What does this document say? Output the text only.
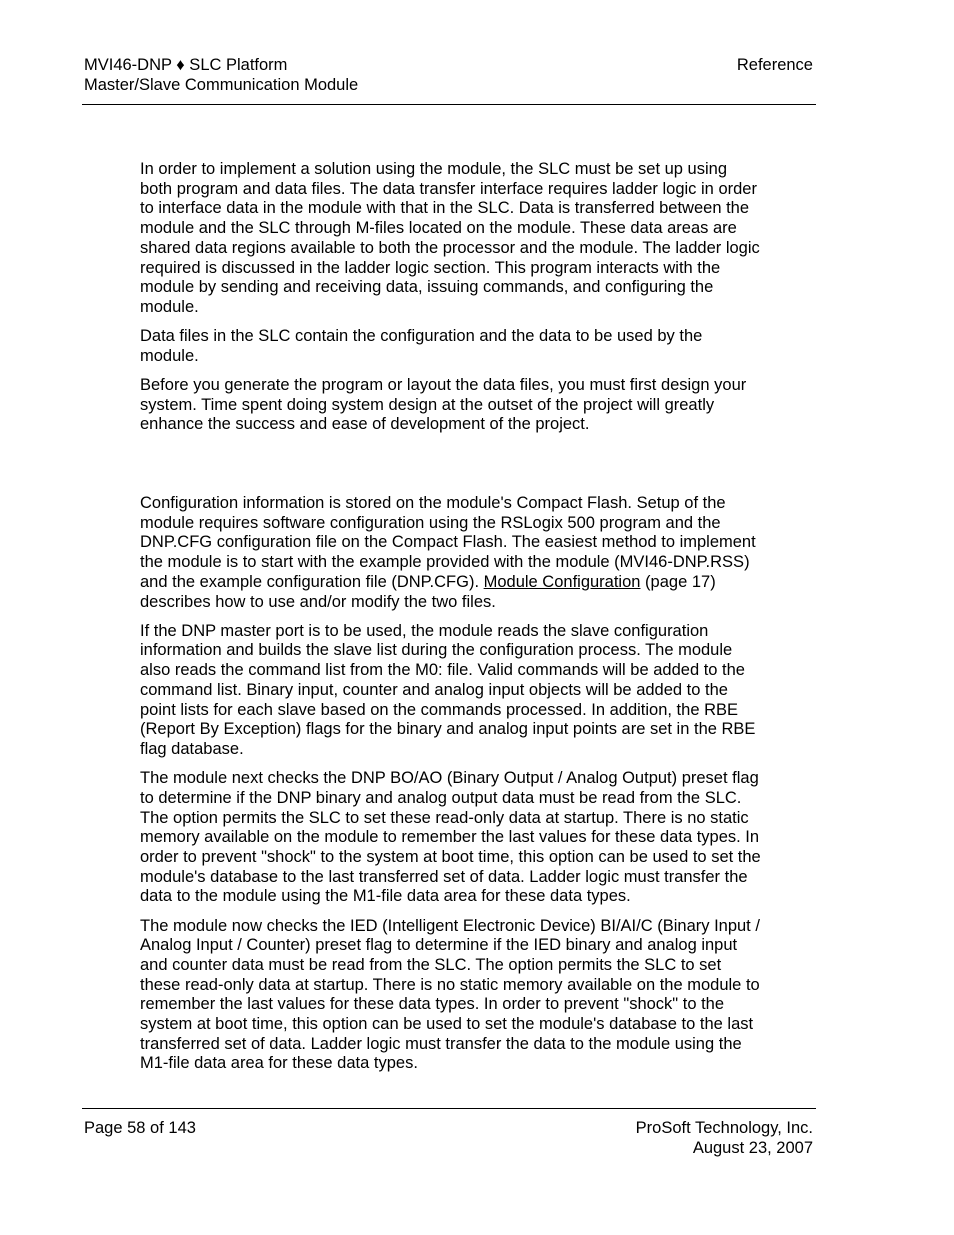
MVI46-DNP ♦ SLC Platform
Master/Slave Communication Module
Reference

In order to implement a solution using the module, the SLC must be set up using both program and data files. The data transfer interface requires ladder logic in order to interface data in the module with that in the SLC. Data is transferred between the module and the SLC through M-files located on the module. These data areas are shared data regions available to both the processor and the module. The ladder logic required is discussed in the ladder logic section. This program interacts with the module by sending and receiving data, issuing commands, and configuring the module.

Data files in the SLC contain the configuration and the data to be used by the module.

Before you generate the program or layout the data files, you must first design your system. Time spent doing system design at the outset of the project will greatly enhance the success and ease of development of the project.

Configuration information is stored on the module's Compact Flash. Setup of the module requires software configuration using the RSLogix 500 program and the DNP.CFG configuration file on the Compact Flash. The easiest method to implement the module is to start with the example provided with the module (MVI46-DNP.RSS) and the example configuration file (DNP.CFG). Module Configuration (page 17) describes how to use and/or modify the two files.

If the DNP master port is to be used, the module reads the slave configuration information and builds the slave list during the configuration process. The module also reads the command list from the M0: file. Valid commands will be added to the command list. Binary input, counter and analog input objects will be added to the point lists for each slave based on the commands processed. In addition, the RBE (Report By Exception) flags for the binary and analog input points are set in the RBE flag database.

The module next checks the DNP BO/AO (Binary Output / Analog Output) preset flag to determine if the DNP binary and analog output data must be read from the SLC. The option permits the SLC to set these read-only data at startup. There is no static memory available on the module to remember the last values for these data types. In order to prevent "shock" to the system at boot time, this option can be used to set the module's database to the last transferred set of data. Ladder logic must transfer the data to the module using the M1-file data area for these data types.

The module now checks the IED (Intelligent Electronic Device) BI/AI/C (Binary Input / Analog Input / Counter) preset flag to determine if the IED binary and analog input and counter data must be read from the SLC. The option permits the SLC to set these read-only data at startup. There is no static memory available on the module to remember the last values for these data types. In order to prevent "shock" to the system at boot time, this option can be used to set the module's database to the last transferred set of data. Ladder logic must transfer the data to the module using the M1-file data area for these data types.

Page 58 of 143	ProSoft Technology, Inc.
August 23, 2007
